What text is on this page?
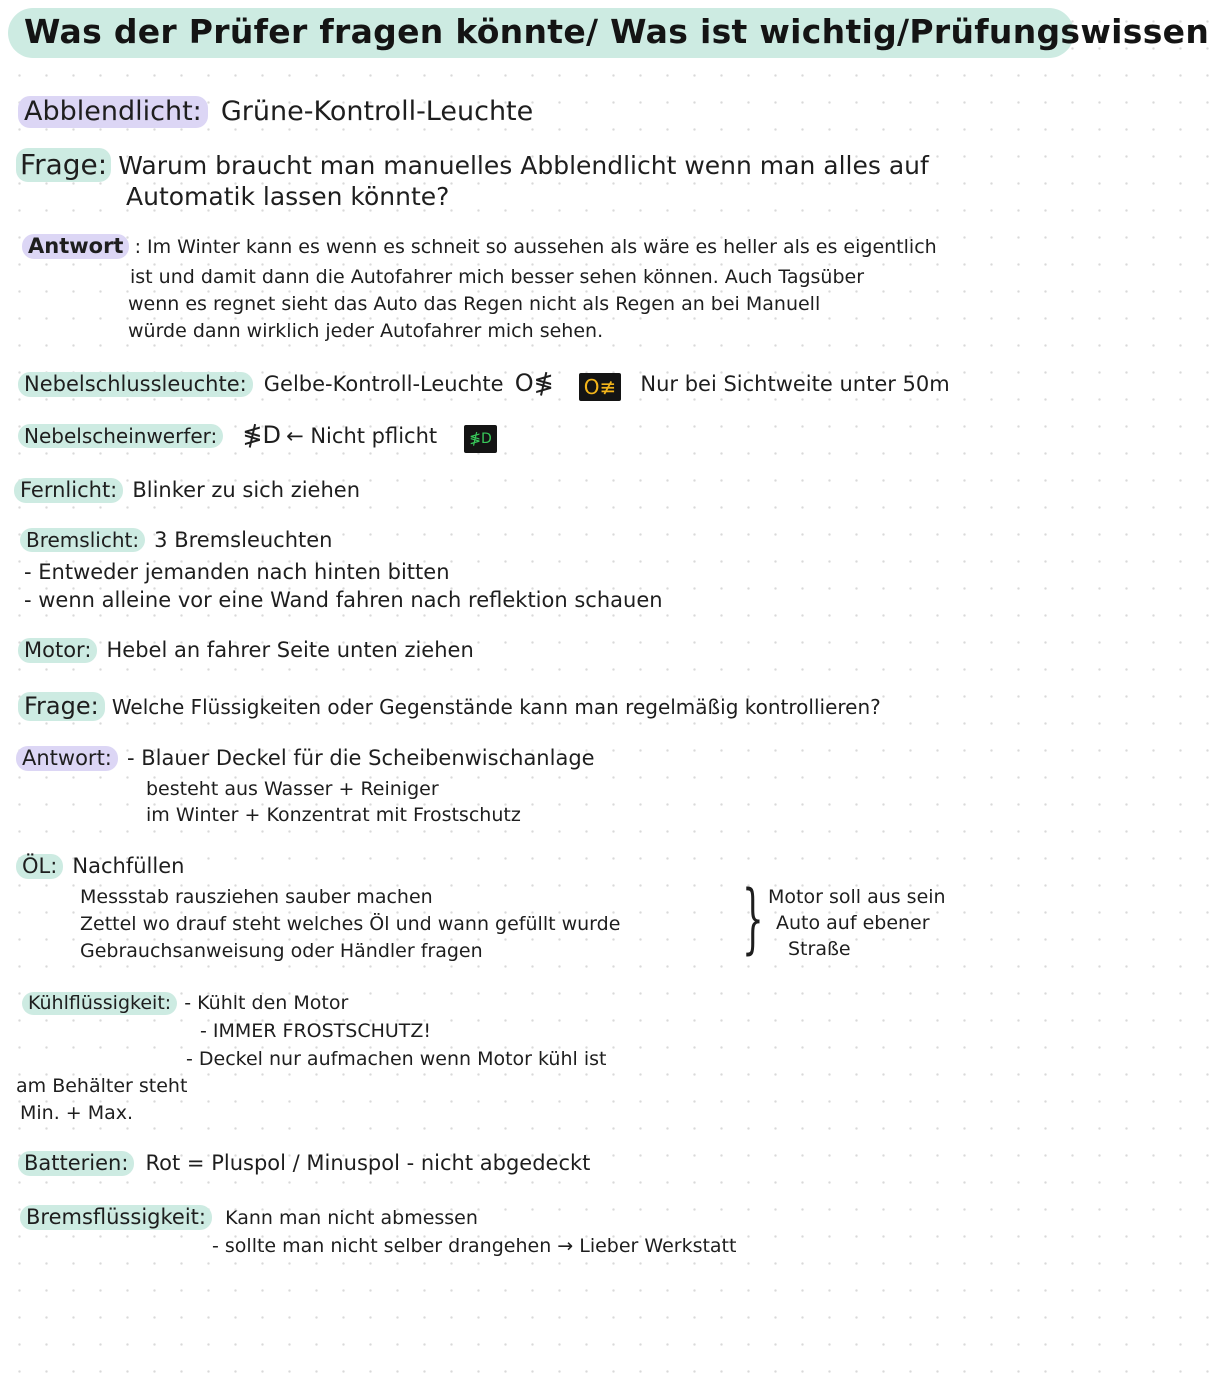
Was der Prüfer fragen könnte/ Was ist wichtig/Prüfungswissen
Abblendlicht: Grüne-Kontroll-Leuchte
Frage: Warum braucht man manuelles Abblendlicht wenn man alles auf
Automatik lassen könnte?
Antwort : Im Winter kann es wenn es schneit so aussehen als wäre es heller als es eigentlich
ist und damit dann die Autofahrer mich besser sehen können. Auch Tagsüber
wenn es regnet sieht das Auto das Regen nicht als Regen an bei Manuell
würde dann wirklich jeder Autofahrer mich sehen.
Nebelschlussleuchte: Gelbe-Kontroll-Leuchte O≸ O≢ Nur bei Sichtweite unter 50m
Nebelscheinwerfer: ≸D ← Nicht pflicht ≸D
Fernlicht: Blinker zu sich ziehen
Bremslicht: 3 Bremsleuchten
- Entweder jemanden nach hinten bitten
- wenn alleine vor eine Wand fahren nach reflektion schauen
Motor: Hebel an fahrer Seite unten ziehen
Frage: Welche Flüssigkeiten oder Gegenstände kann man regelmäßig kontrollieren?
Antwort: - Blauer Deckel für die Scheibenwischanlage
besteht aus Wasser + Reiniger
im Winter + Konzentrat mit Frostschutz
ÖL: Nachfüllen
Messstab rausziehen sauber machen
Zettel wo drauf steht welches Öl und wann gefüllt wurde
Gebrauchsanweisung oder Händler fragen	} Motor soll aus sein
Auto auf ebener
Straße
Kühlflüssigkeit: - Kühlt den Motor
- IMMER FROSTSCHUTZ!
- Deckel nur aufmachen wenn Motor kühl ist
am Behälter steht
Min. + Max.
Batterien: Rot = Pluspol / Minuspol - nicht abgedeckt
Bremsflüssigkeit: Kann man nicht abmessen
- sollte man nicht selber drangehen → Lieber Werkstatt
